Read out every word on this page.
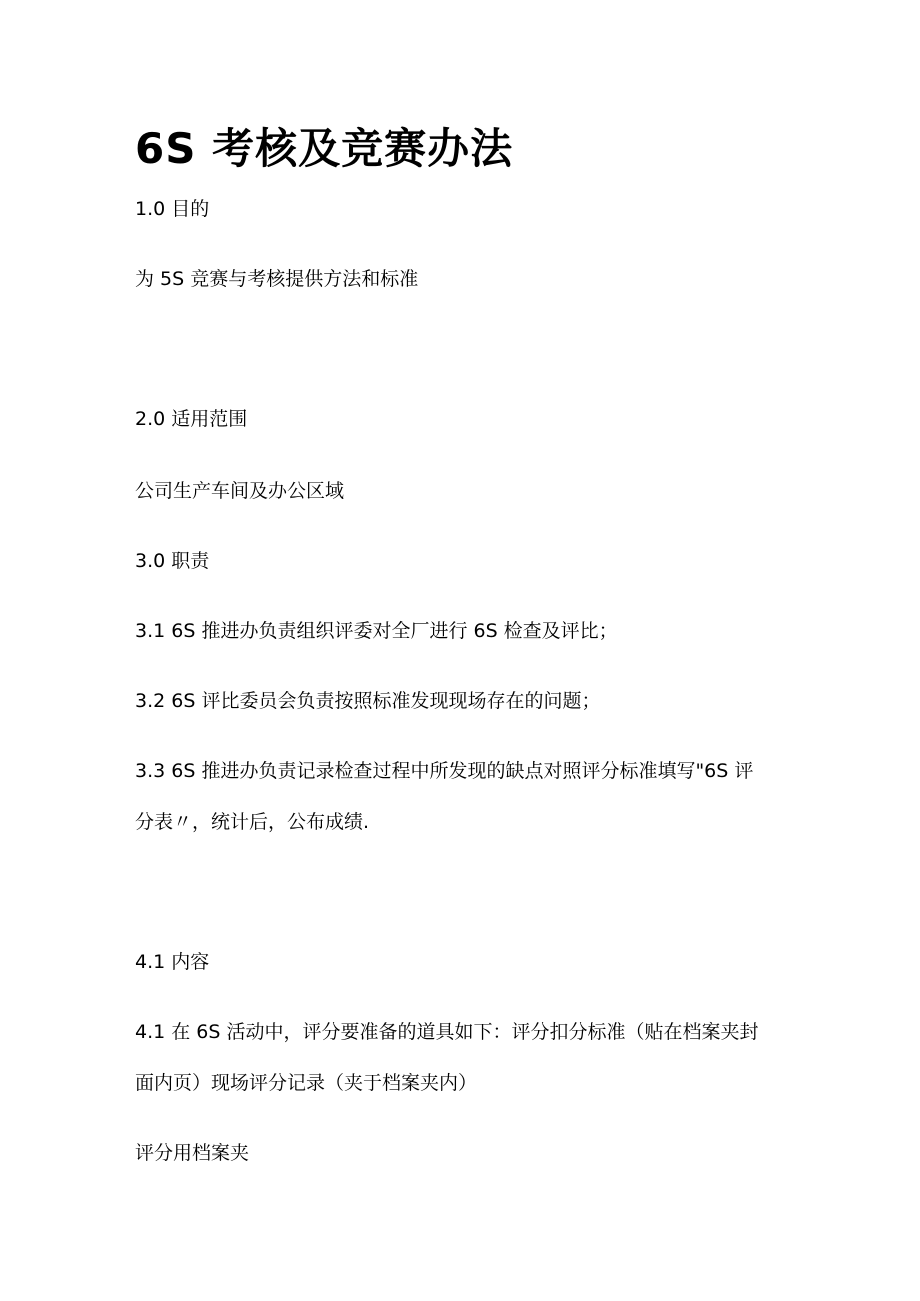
6S 考核及竞赛办法

1.0 目的

为 5S 竞赛与考核提供方法和标准

2.0 适用范围

公司生产车间及办公区域

3.0 职责

3.1 6S 推进办负责组织评委对全厂进行 6S 检查及评比；

3.2 6S 评比委员会负责按照标准发现现场存在的问题；

3.3 6S 推进办负责记录检查过程中所发现的缺点对照评分标准填写"6S 评

分表〃，统计后，公布成绩.

4.1 内容

4.1 在 6S 活动中，评分要准备的道具如下：评分扣分标准（贴在档案夹封

面内页）现场评分记录（夹于档案夹内）

评分用档案夹
